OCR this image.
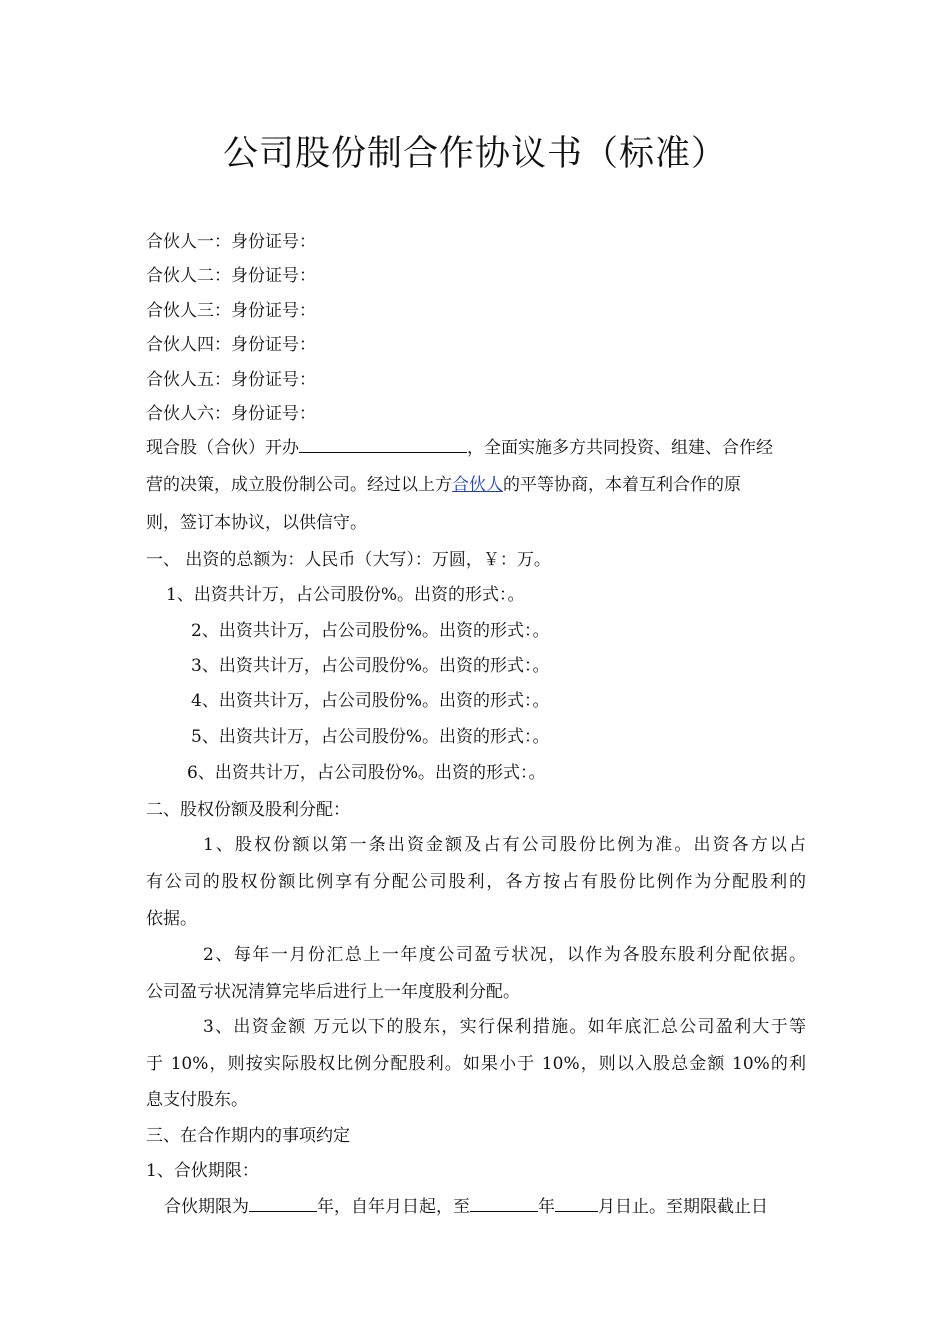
公司股份制合作协议书（标准）
合伙人一：身份证号：
合伙人二：身份证号：
合伙人三：身份证号：
合伙人四：身份证号：
合伙人五：身份证号：
合伙人六：身份证号：
现合股（合伙）开办	，全面实施多方共同投资、组建、合作经
营的决策，成立股份制公司。经过以上方合伙人的平等协商，本着互利合作的原
则，签订本协议，以供信守。
一、 出资的总额为：人民币（大写）：万圆，￥：万。
1、出资共计万，占公司股份%。出资的形式：。
2、出资共计万，占公司股份%。出资的形式：。
3、出资共计万，占公司股份%。出资的形式：。
4、出资共计万，占公司股份%。出资的形式：。
5、出资共计万，占公司股份%。出资的形式：。
6、出资共计万，占公司股份%。出资的形式：。
二、股权份额及股利分配：
1、股权份额以第一条出资金额及占有公司股份比例为准。出资各方以占
有公司的股权份额比例享有分配公司股利，各方按占有股份比例作为分配股利的
依据。
2、每年一月份汇总上一年度公司盈亏状况，以作为各股东股利分配依据。
公司盈亏状况清算完毕后进行上一年度股利分配。
3、出资金额 万元以下的股东，实行保利措施。如年底汇总公司盈利大于等
于 10%，则按实际股权比例分配股利。如果小于 10%，则以入股总金额 10%的利
息支付股东。
三、在合作期内的事项约定
1、合伙期限：
合伙期限为	年，自年月日起，至	年	月日止。至期限截止日
